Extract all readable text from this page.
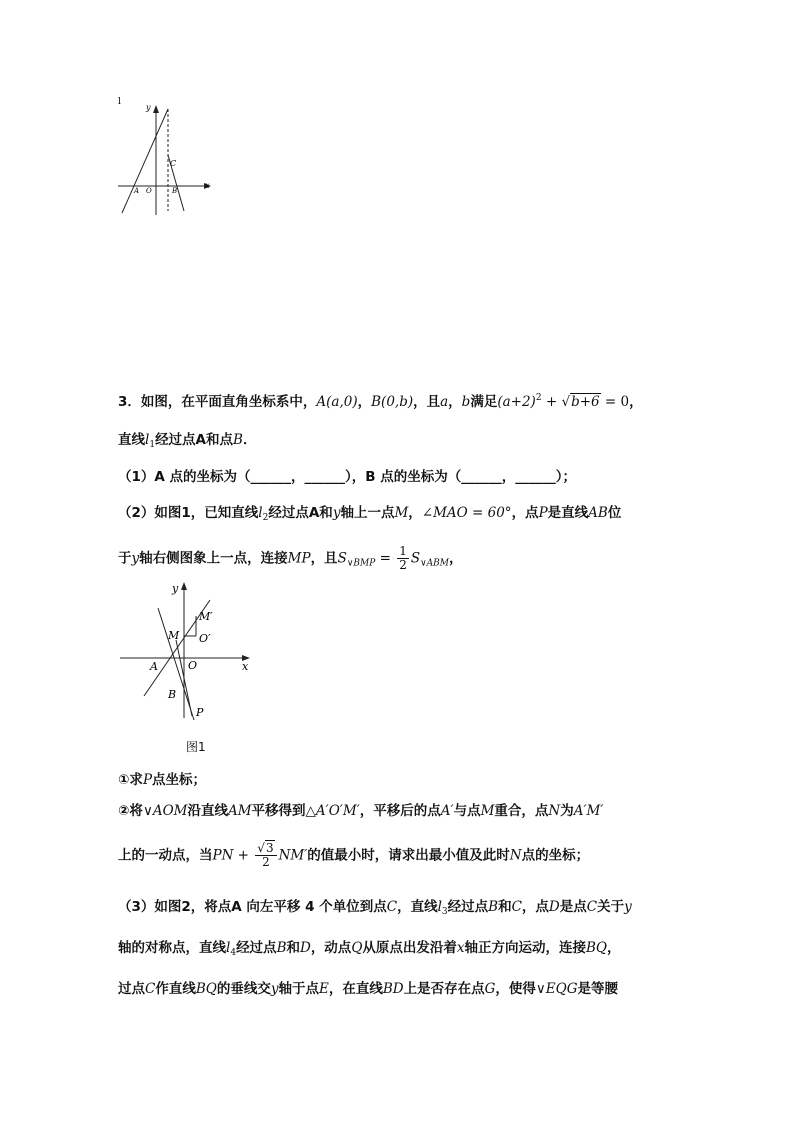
l
y
x
C
A O	B
3．如图，在平面直角坐标系中，A(a,0)，B(0,b)，且a，b满足$(a+2)^2 + √b+6 = 0$，
直线$l_1$经过点A和点B．
（1）A 点的坐标为（______，______），B 点的坐标为（______，______）；
（2）如图1，已知直线$l_2$经过点A和y轴上一点M，∠MAO = 60°，点P是直线AB位
于y轴右侧图象上一点，连接MP，且$S_{\vee BMP} = \frac{1}{2} S_{\vee ABM}$，
y
x
M′
O′
M
A	O
B
P
图1
①求P点坐标；
②将∨AOM沿直线AM平移得到△A′O′M′，平移后的点A′与点M重合，点N为A′M′
上的一动点，当PN + $\frac{√3}{2} NM'$的值最小时，请求出最小值及此时N点的坐标；
（3）如图2，将点A 向左平移 4 个单位到点C，直线$l_3$经过点B和C，点D是点C关于y
轴的对称点，直线$l_4$经过点B和D，动点Q从原点出发沿着x轴正方向运动，连接BQ，
过点C作直线BQ的垂线交y轴于点E，在直线BD上是否存在点G，使得∨EQG是等腰
